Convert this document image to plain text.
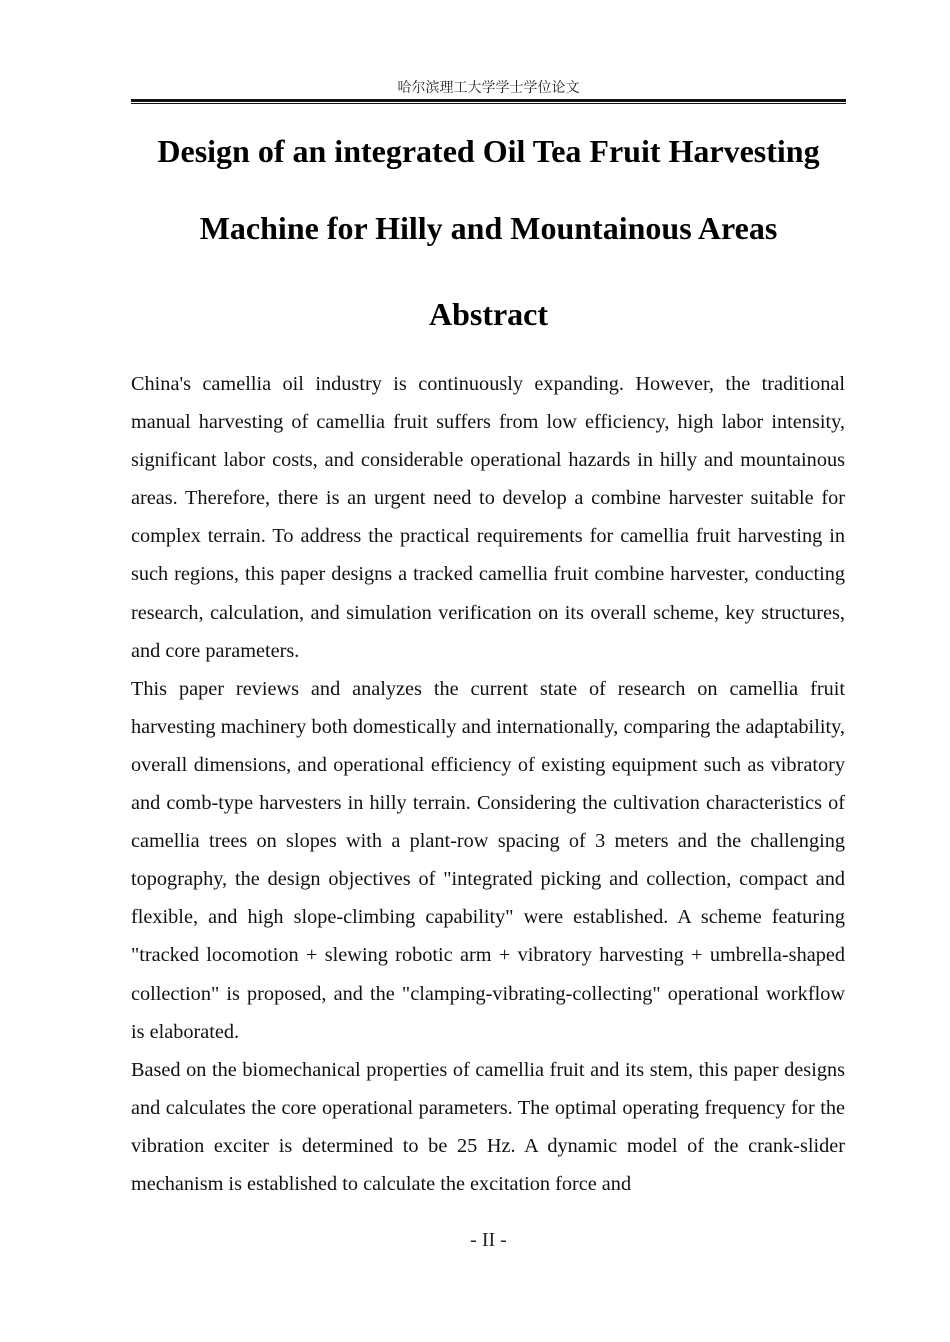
哈尔滨理工大学学士学位论文
Design of an integrated Oil Tea Fruit Harvesting
Machine for Hilly and Mountainous Areas
Abstract

China's camellia oil industry is continuously expanding. However, the traditional manual harvesting of camellia fruit suffers from low efficiency, high labor intensity, significant labor costs, and considerable operational hazards in hilly and mountainous areas. Therefore, there is an urgent need to develop a combine harvester suitable for complex terrain. To address the practical requirements for camellia fruit harvesting in such regions, this paper designs a tracked camellia fruit combine harvester, conducting research, calculation, and simulation verification on its overall scheme, key structures, and core parameters.

This paper reviews and analyzes the current state of research on camellia fruit harvesting machinery both domestically and internationally, comparing the adaptability, overall dimensions, and operational efficiency of existing equipment such as vibratory and comb-type harvesters in hilly terrain. Considering the cultivation characteristics of camellia trees on slopes with a plant-row spacing of 3 meters and the challenging topography, the design objectives of "integrated picking and collection, compact and flexible, and high slope-climbing capability" were established. A scheme featuring "tracked locomotion + slewing robotic arm + vibratory harvesting + umbrella-shaped collection" is proposed, and the "clamping-vibrating-collecting" operational workflow is elaborated.

Based on the biomechanical properties of camellia fruit and its stem, this paper designs and calculates the core operational parameters. The optimal operating frequency for the vibration exciter is determined to be 25 Hz. A dynamic model of the crank-slider mechanism is established to calculate the excitation force and

- II -
